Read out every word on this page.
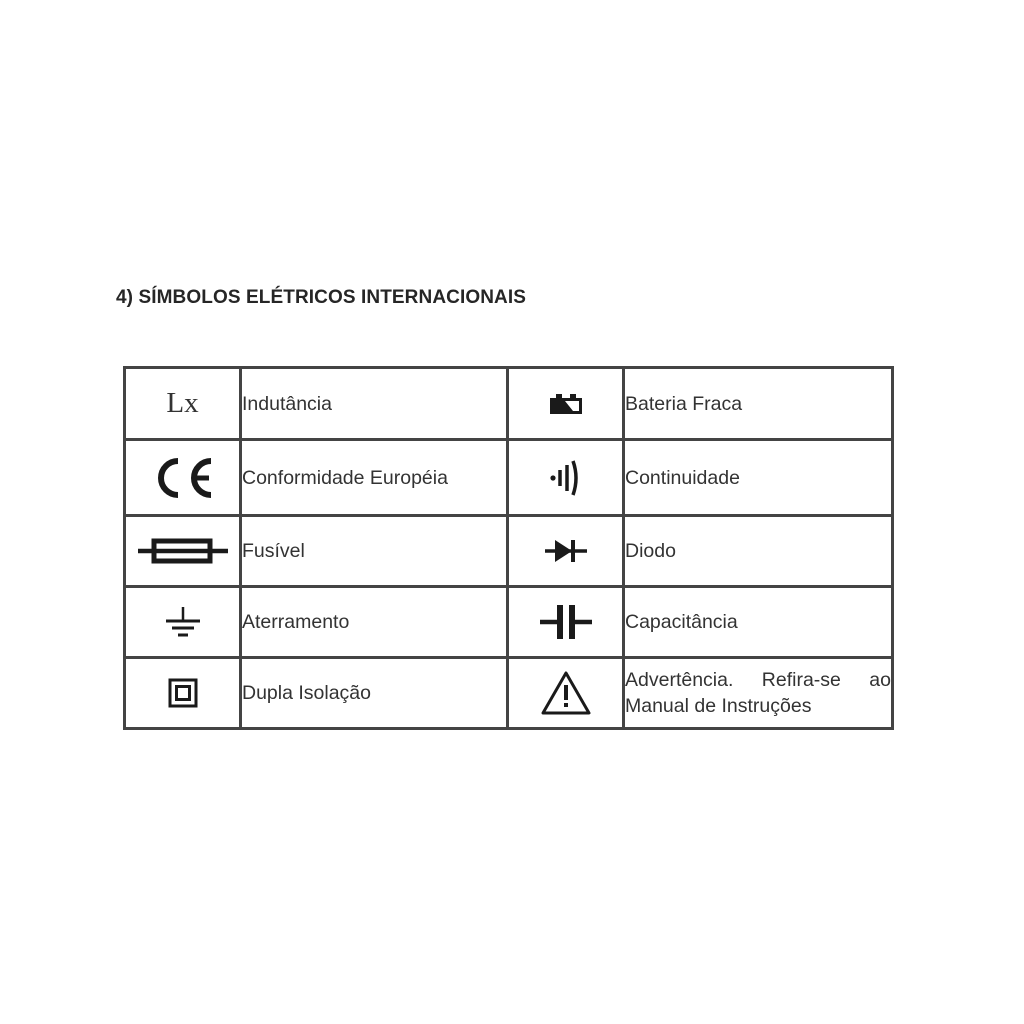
4) SÍMBOLOS ELÉTRICOS INTERNACIONAIS
Lx	Indutância		Bateria Fraca

	Conformidade Européia		Continuidade

	Fusível		Diodo

	Aterramento		Capacitância

	Dupla Isolação		Advertência. Refira-se ao Manual de Instruções
